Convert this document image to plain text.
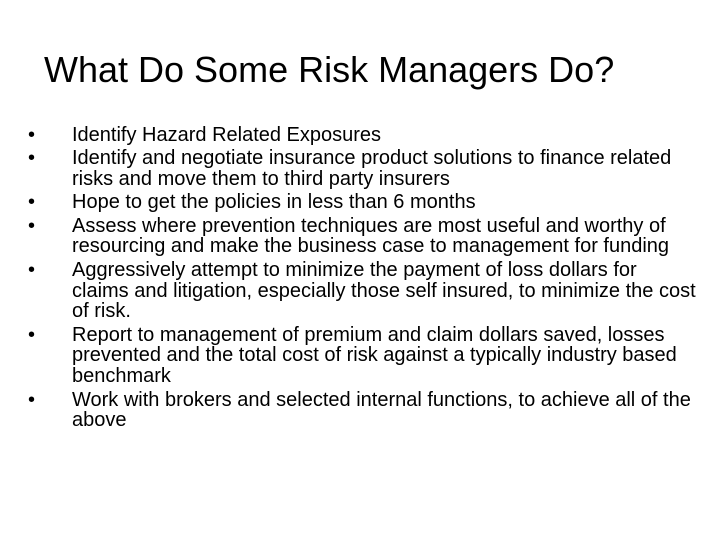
What Do Some Risk Managers Do?
•	Identify Hazard Related Exposures
•	Identify and negotiate insurance product solutions to finance related risks and move them to third party insurers
•	Hope to get the policies in less than 6 months
•	Assess where prevention techniques are most useful and worthy of resourcing and make the business case to management for funding
•	Aggressively attempt to minimize the payment of loss dollars for claims and litigation, especially those self insured, to minimize the cost of risk.
•	Report to management of premium and claim dollars saved, losses prevented and the total cost of risk against a typically industry based benchmark
•	Work with brokers and selected internal functions, to achieve all of the above
